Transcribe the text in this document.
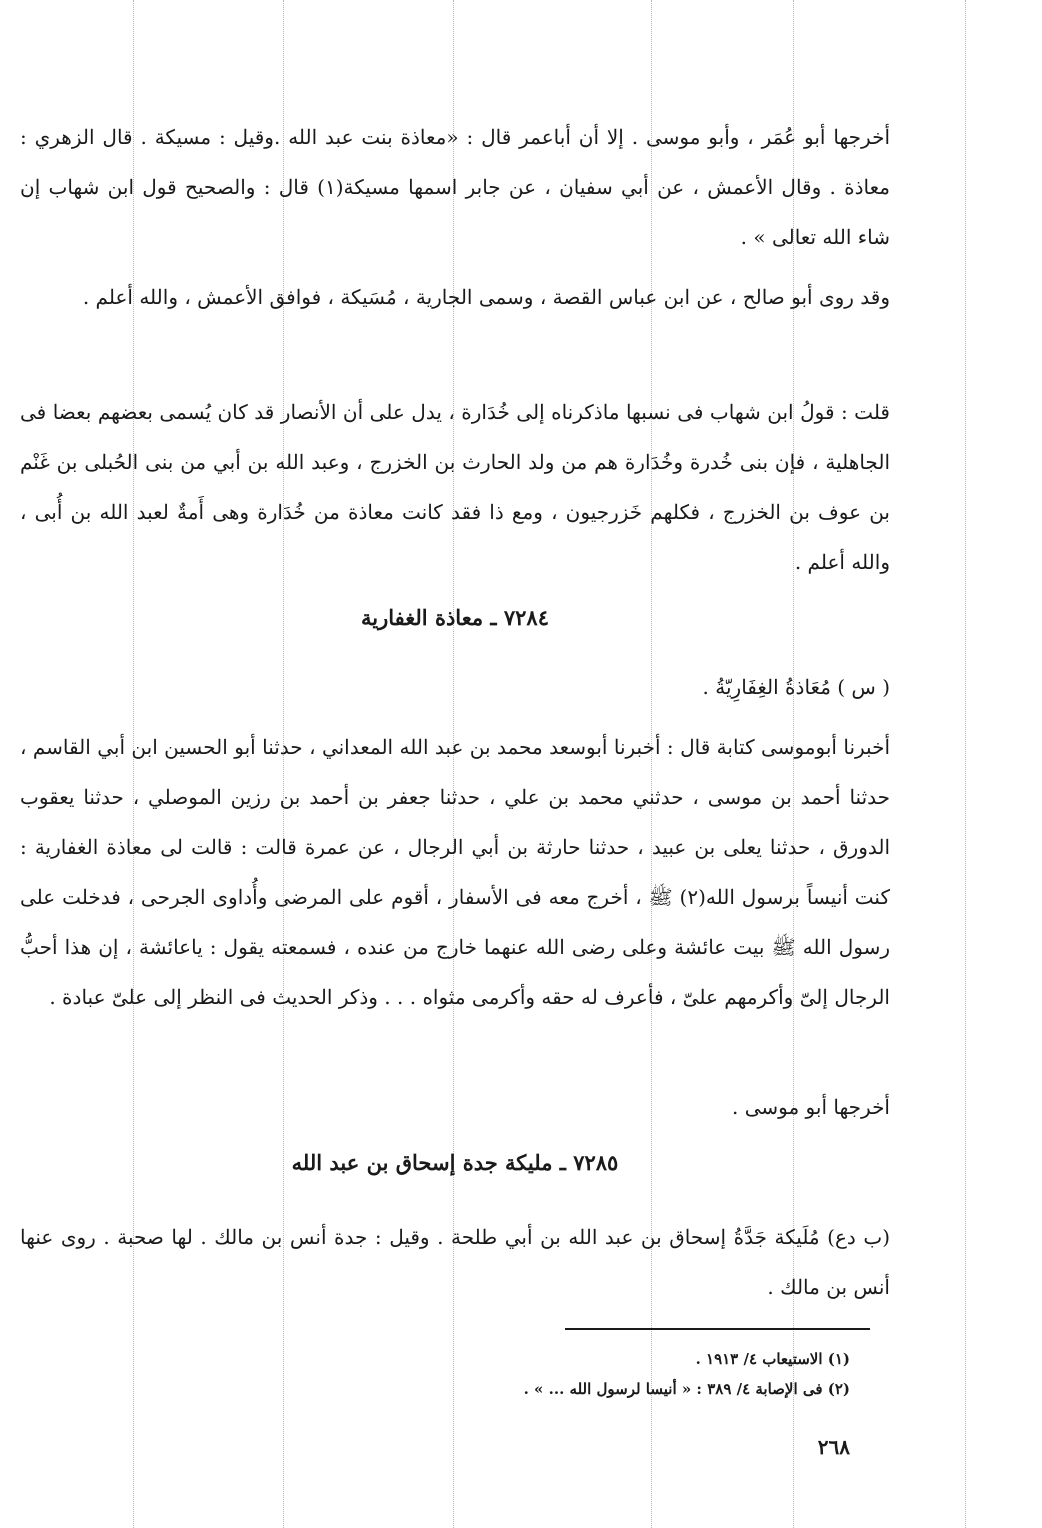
أخرجها أبو عُمَر ، وأبو موسى . إلا أن أباعمر قال : «معاذة بنت عبد الله .وقيل : مسيكة . قال الزهري : معاذة . وقال الأعمش ، عن أبي سفيان ، عن جابر اسمها مسيكة(١) قال : والصحيح قول ابن شهاب إن شاء الله تعالى » .

وقد روى أبو صالح ، عن ابن عباس القصة ، وسمى الجارية ، مُسَيكة ، فوافق الأعمش ، والله أعلم .

قلت : قولُ ابن شهاب فى نسبها ماذكرناه إلى خُدَارة ، يدل على أن الأنصار قد كان يُسمى بعضهم بعضا فى الجاهلية ، فإن بنى خُدرة وخُدَارة هم من ولد الحارث بن الخزرج ، وعبد الله بن أبي من بنى الحُبلى بن غَنْم بن عوف بن الخزرج ، فكلهم خَزرجيون ، ومع ذا فقد كانت معاذة من خُدَارة وهى أَمةٌ لعبد الله بن أُبى ، والله أعلم .

٧٢٨٤ ـ معاذة الغفارية

( س ) مُعَاذةُ الغِفَارِيّةُ .

أخبرنا أبوموسى كتابة قال : أخبرنا أبوسعد محمد بن عبد الله المعداني ، حدثنا أبو الحسين ابن أبي القاسم ، حدثنا أحمد بن موسى ، حدثني محمد بن علي ، حدثنا جعفر بن أحمد بن رزين الموصلي ، حدثنا يعقوب الدورق ، حدثنا يعلى بن عبيد ، حدثنا حارثة بن أبي الرجال ، عن عمرة قالت : قالت لى معاذة الغفارية : كنت أنيساً برسول الله(٢) ﷺ ، أخرج معه فى الأسفار ، أقوم على المرضى وأُداوى الجرحى ، فدخلت على رسول الله ﷺ بيت عائشة وعلى رضى الله عنهما خارج من عنده ، فسمعته يقول : ياعائشة ، إن هذا أحبُّ الرجال إلىّ وأكرمهم علىّ ، فأعرف له حقه وأكرمى مثواه . . . وذكر الحديث فى النظر إلى علىّ عبادة .

أخرجها أبو موسى .

٧٢٨٥ ـ مليكة جدة إسحاق بن عبد الله

(ب دع) مُلَيكة جَدَّةُ إسحاق بن عبد الله بن أبي طلحة . وقيل : جدة أنس بن مالك . لها صحبة . روى عنها أنس بن مالك .

(١) الاستيعاب ٤/ ١٩١٣ .
(٢) فى الإصابة ٤/ ٣٨٩ : « أنيسا لرسول الله ... » .
٢٦٨
